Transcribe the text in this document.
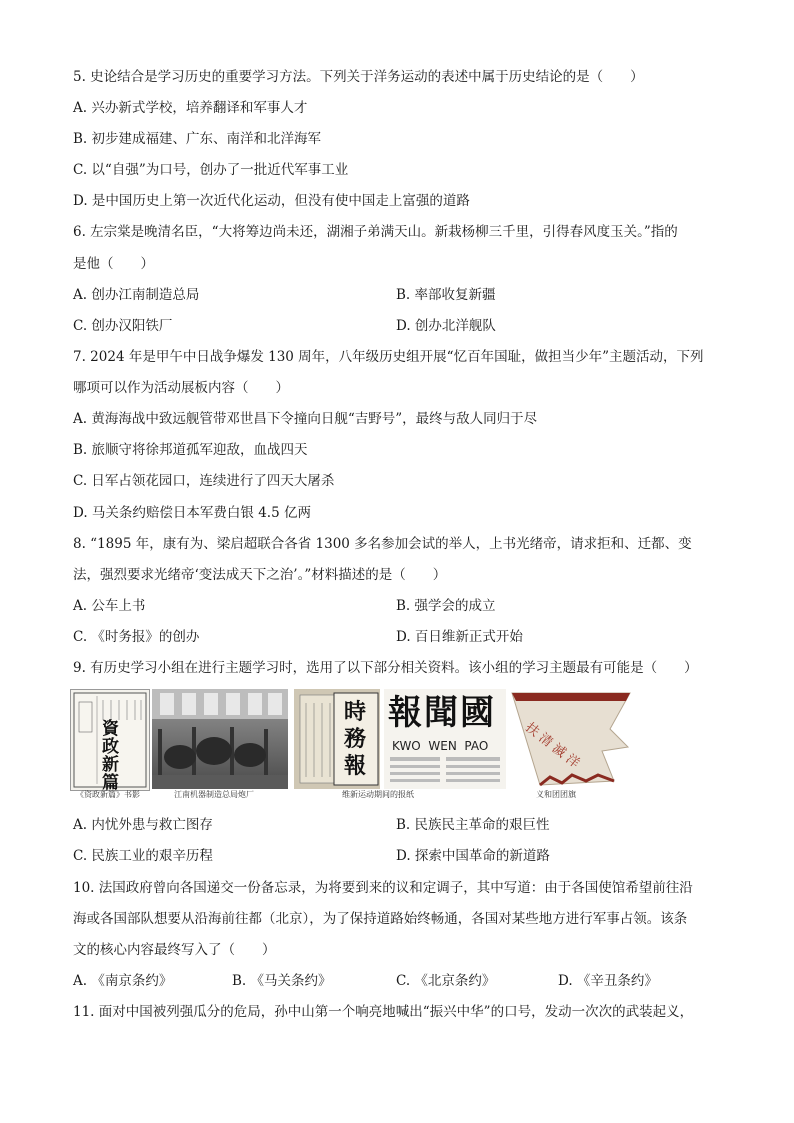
5. 史论结合是学习历史的重要学习方法。下列关于洋务运动的表述中属于历史结论的是（　　）
A. 兴办新式学校，培养翻译和军事人才
B. 初步建成福建、广东、南洋和北洋海军
C. 以“自强”为口号，创办了一批近代军事工业
D. 是中国历史上第一次近代化运动，但没有使中国走上富强的道路
6. 左宗棠是晚清名臣，“大将筹边尚未还，湖湘子弟满天山。新栽杨柳三千里，引得春风度玉关。”指的
是他（　　）
A. 创办江南制造总局	B. 率部收复新疆
C. 创办汉阳铁厂	D. 创办北洋舰队
7. 2024 年是甲午中日战争爆发 130 周年，八年级历史组开展“忆百年国耻，做担当少年”主题活动，下列
哪项可以作为活动展板内容（　　）
A. 黄海海战中致远舰管带邓世昌下令撞向日舰“吉野号”，最终与敌人同归于尽
B. 旅顺守将徐邦道孤军迎敌，血战四天
C. 日军占领花园口，连续进行了四天大屠杀
D. 马关条约赔偿日本军费白银 4.5 亿两
8. “1895 年，康有为、梁启超联合各省 1300 多名参加会试的举人，上书光绪帝，请求拒和、迁都、变
法，强烈要求光绪帝‘变法成天下之治’。”材料描述的是（　　）
A. 公车上书	B. 强学会的成立
C. 《时务报》的创办	D. 百日维新正式开始
9. 有历史学习小组在进行主题学习时，选用了以下部分相关资料。该小组的学习主题最有可能是（　　）
資政新篇
時務報
報聞國
KWO  WEN  PAO	扶清滅洋
《资政新篇》书影	江南机器制造总局炮厂	维新运动期间的报纸	义和团团旗
A. 内忧外患与救亡图存	B. 民族民主革命的艰巨性
C. 民族工业的艰辛历程	D. 探索中国革命的新道路
10. 法国政府曾向各国递交一份备忘录，为将要到来的议和定调子，其中写道：由于各国使馆希望前往沿
海或各国部队想要从沿海前往都（北京），为了保持道路始终畅通，各国对某些地方进行军事占领。该条
文的核心内容最终写入了（　　）
A. 《南京条约》	B. 《马关条约》	C. 《北京条约》	D. 《辛丑条约》
11. 面对中国被列强瓜分的危局，孙中山第一个响亮地喊出“振兴中华”的口号，发动一次次的武装起义，
